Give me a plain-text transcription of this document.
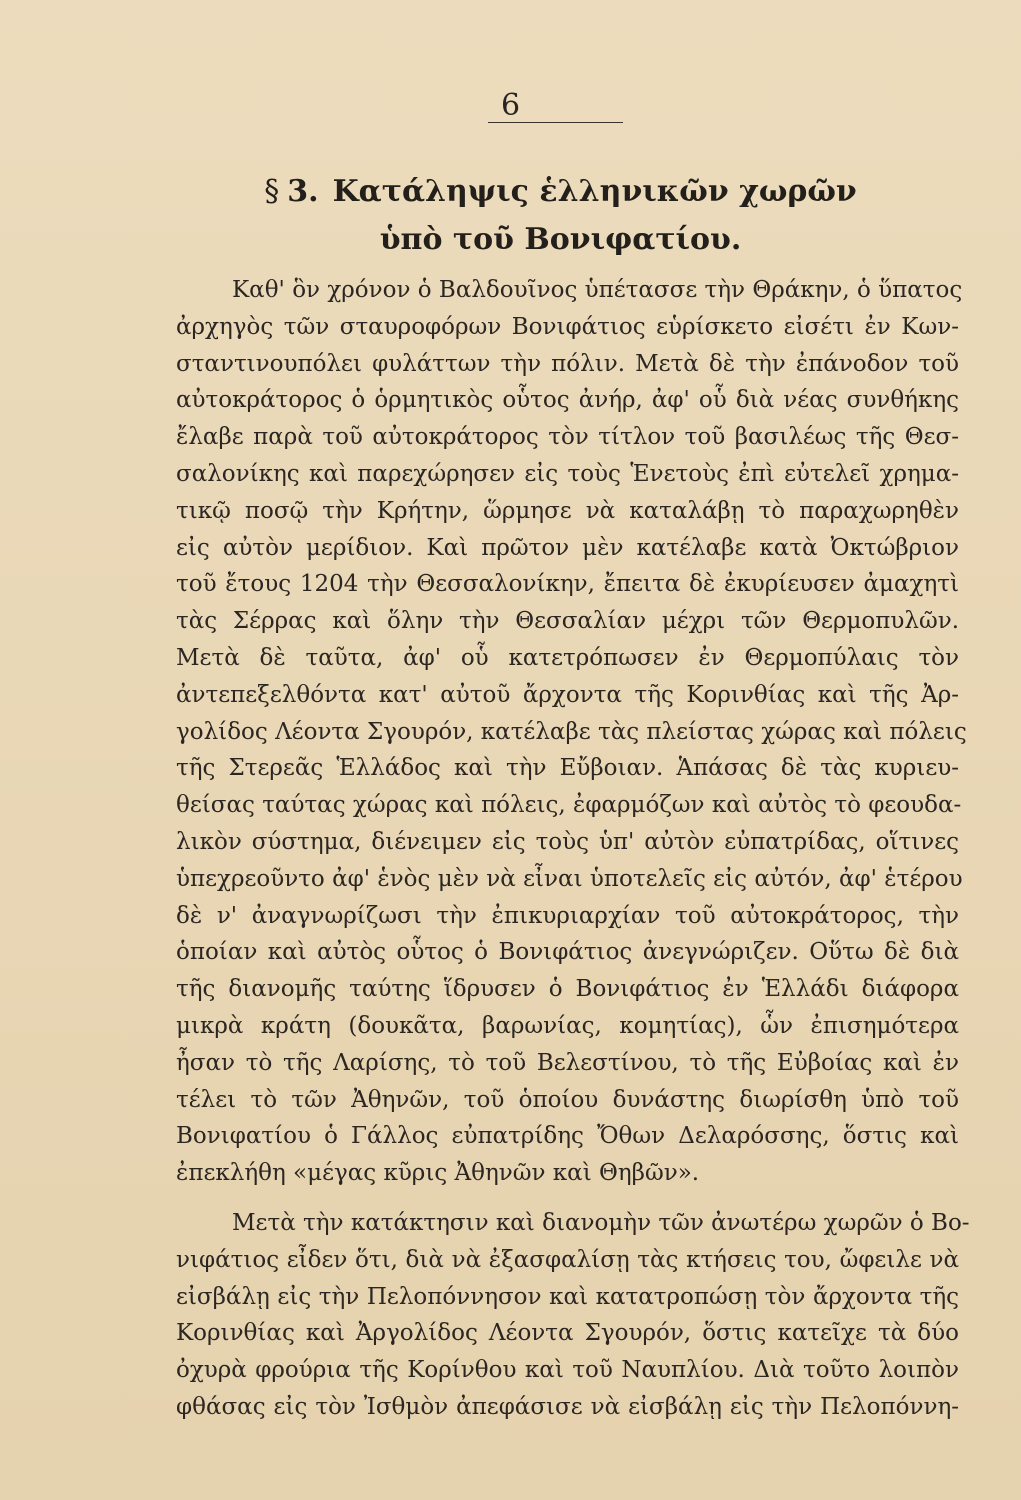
6
§ 3. Κατάληψις ἑλληνικῶν χωρῶν
ὑπὸ τοῦ Βονιφατίου.
Καθ' ὃν χρόνον ὁ Βαλδουῖνος ὑπέτασσε τὴν Θράκην, ὁ ὕπατος
ἀρχηγὸς τῶν σταυροφόρων Βονιφάτιος εὑρίσκετο εἰσέτι ἐν Κων-
σταντινουπόλει φυλάττων τὴν πόλιν. Μετὰ δὲ τὴν ἐπάνοδον τοῦ
αὐτοκράτορος ὁ ὁρμητικὸς οὗτος ἀνήρ, ἀφ' οὗ διὰ νέας συνθήκης
ἔλαβε παρὰ τοῦ αὐτοκράτορος τὸν τίτλον τοῦ βασιλέως τῆς Θεσ-
σαλονίκης καὶ παρεχώρησεν εἰς τοὺς Ἑνετοὺς ἐπὶ εὐτελεῖ χρημα-
τικῷ ποσῷ τὴν Κρήτην, ὥρμησε νὰ καταλάβῃ τὸ παραχωρηθὲν
εἰς αὐτὸν μερίδιον. Καὶ πρῶτον μὲν κατέλαβε κατὰ Ὀκτώβριον
τοῦ ἔτους 1204 τὴν Θεσσαλονίκην, ἔπειτα δὲ ἐκυρίευσεν ἀμαχητὶ
τὰς Σέρρας καὶ ὅλην τὴν Θεσσαλίαν μέχρι τῶν Θερμοπυλῶν.
Μετὰ δὲ ταῦτα, ἀφ' οὗ κατετρόπωσεν ἐν Θερμοπύλαις τὸν
ἀντεπεξελθόντα κατ' αὐτοῦ ἄρχοντα τῆς Κορινθίας καὶ τῆς Ἀρ-
γολίδος Λέοντα Σγουρόν, κατέλαβε τὰς πλείστας χώρας καὶ πόλεις
τῆς Στερεᾶς Ἑλλάδος καὶ τὴν Εὔβοιαν. Ἁπάσας δὲ τὰς κυριευ-
θείσας ταύτας χώρας καὶ πόλεις, ἐφαρμόζων καὶ αὐτὸς τὸ φεουδα-
λικὸν σύστημα, διένειμεν εἰς τοὺς ὑπ' αὐτὸν εὐπατρίδας, οἵτινες
ὑπεχρεοῦντο ἀφ' ἑνὸς μὲν νὰ εἶναι ὑποτελεῖς εἰς αὐτόν, ἀφ' ἑτέρου
δὲ ν' ἀναγνωρίζωσι τὴν ἐπικυριαρχίαν τοῦ αὐτοκράτορος, τὴν
ὁποίαν καὶ αὐτὸς οὗτος ὁ Βονιφάτιος ἀνεγνώριζεν. Οὕτω δὲ διὰ
τῆς διανομῆς ταύτης ἵδρυσεν ὁ Βονιφάτιος ἐν Ἑλλάδι διάφορα
μικρὰ κράτη (δουκᾶτα, βαρωνίας, κομητίας), ὧν ἐπισημότερα
ἦσαν τὸ τῆς Λαρίσης, τὸ τοῦ Βελεστίνου, τὸ τῆς Εὐβοίας καὶ ἐν
τέλει τὸ τῶν Ἀθηνῶν, τοῦ ὁποίου δυνάστης διωρίσθη ὑπὸ τοῦ
Βονιφατίου ὁ Γάλλος εὐπατρίδης Ὄθων Δελαρόσσης, ὅστις καὶ
ἐπεκλήθη «μέγας κῦρις Ἀθηνῶν καὶ Θηβῶν».
Μετὰ τὴν κατάκτησιν καὶ διανομὴν τῶν ἀνωτέρω χωρῶν ὁ Βο-
νιφάτιος εἶδεν ὅτι, διὰ νὰ ἐξασφαλίσῃ τὰς κτήσεις του, ὤφειλε νὰ
εἰσβάλῃ εἰς τὴν Πελοπόννησον καὶ κατατροπώσῃ τὸν ἄρχοντα τῆς
Κορινθίας καὶ Ἀργολίδος Λέοντα Σγουρόν, ὅστις κατεῖχε τὰ δύο
ὀχυρὰ φρούρια τῆς Κορίνθου καὶ τοῦ Ναυπλίου. Διὰ τοῦτο λοιπὸν
φθάσας εἰς τὸν Ἰσθμὸν ἀπεφάσισε νὰ εἰσβάλῃ εἰς τὴν Πελοπόννη-
